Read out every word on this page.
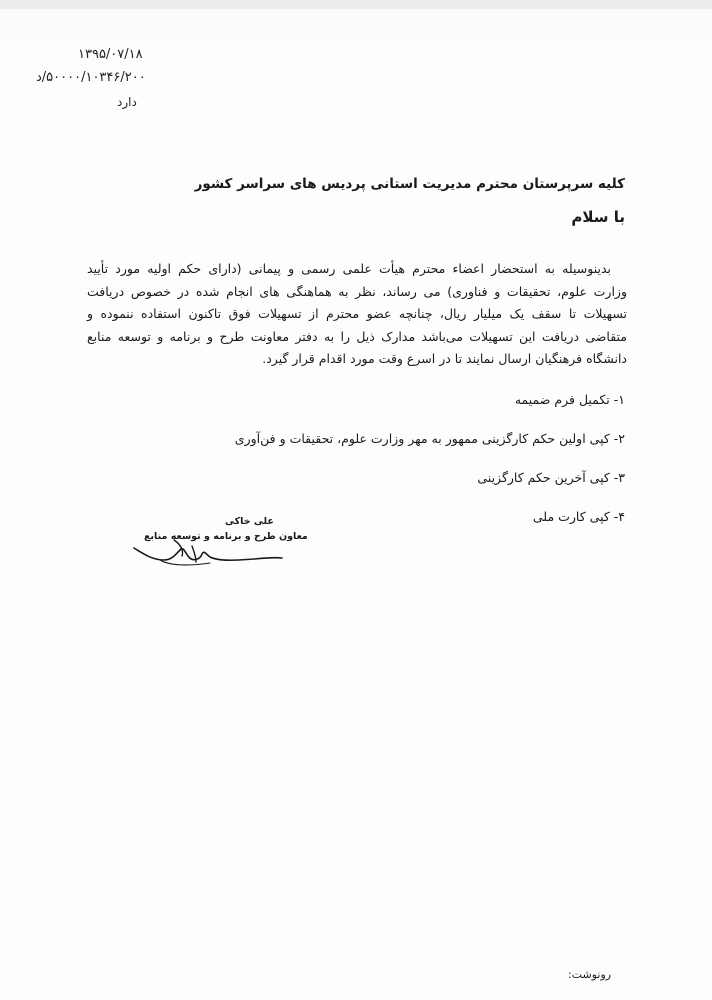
۱۳۹۵/۰۷/۱۸
۵۰۰۰۰/۱۰۳۴۶/۲۰۰/د
دارد
کلیه سرپرستان محترم مدیریت استانی پردیس های سراسر کشور
با سلام
بدینوسیله به استحضار اعضاء محترم هیأت علمی رسمی و پیمانی (دارای حکم اولیه مورد تأیید
وزارت علوم، تحقیقات و فناوری) می رساند، نظر به هماهنگی های انجام شده در خصوص دریافت
تسهیلات تا سقف یک میلیار ریال، چنانچه عضو محترم از تسهیلات فوق تاکنون استفاده ننموده و
متقاضی دریافت این تسهیلات می‌باشد مدارک ذیل را به دفتر معاونت طرح و برنامه و توسعه منابع
دانشگاه فرهنگیان ارسال نمایند تا در اسرع وقت مورد اقدام قرار گیرد.
۱- تکمیل فرم ضمیمه
۲- کپی اولین حکم کارگزینی ممهور به مهر وزارت علوم، تحقیقات و فن‌آوری
۳- کپی آخرین حکم کارگزینی
۴- کپی کارت ملی
علی خاکی
معاون طرح و برنامه و توسعه منابع
رونوشت:
